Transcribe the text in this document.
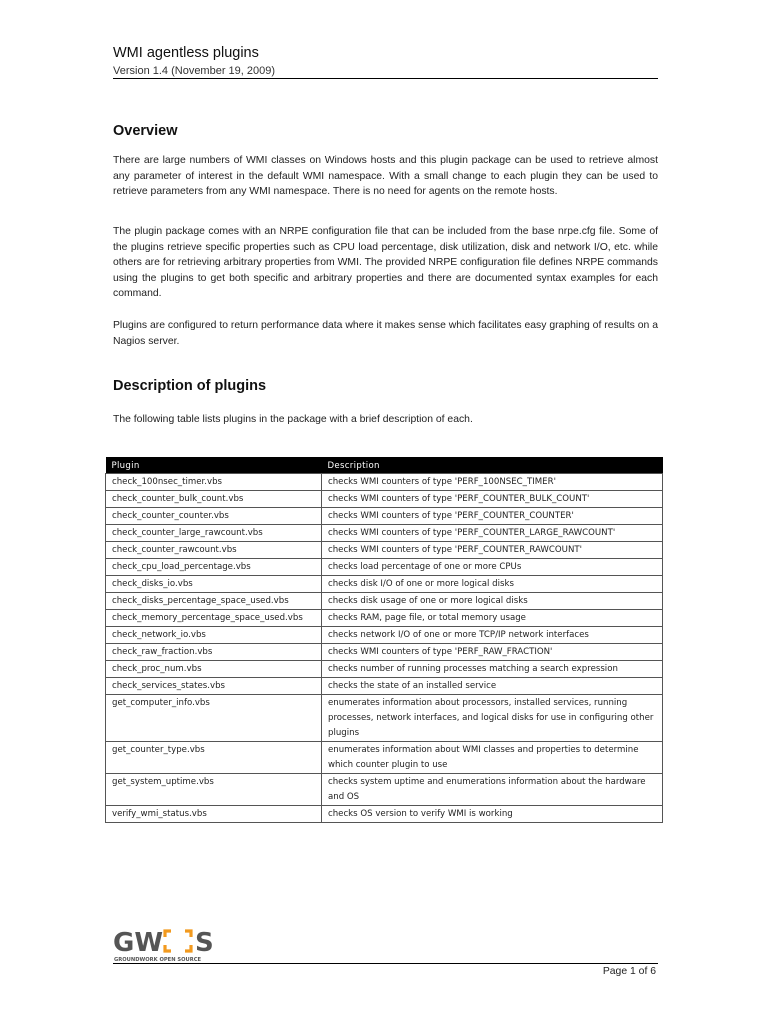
WMI agentless plugins
Version 1.4 (November 19, 2009)
Overview

There are large numbers of WMI classes on Windows hosts and this plugin package can be used to retrieve almost any parameter of interest in the default WMI namespace. With a small change to each plugin they can be used to retrieve parameters from any WMI namespace. There is no need for agents on the remote hosts.

The plugin package comes with an NRPE configuration file that can be included from the base nrpe.cfg file. Some of the plugins retrieve specific properties such as CPU load percentage, disk utilization, disk and network I/O, etc. while others are for retrieving arbitrary properties from WMI. The provided NRPE configuration file defines NRPE commands using the plugins to get both specific and arbitrary properties and there are documented syntax examples for each command.

Plugins are configured to return performance data where it makes sense which facilitates easy graphing of results on a Nagios server.

Description of plugins

The following table lists plugins in the package with a brief description of each.

Plugin	Description
check_100nsec_timer.vbs	checks WMI counters of type 'PERF_100NSEC_TIMER'
check_counter_bulk_count.vbs	checks WMI counters of type 'PERF_COUNTER_BULK_COUNT'
check_counter_counter.vbs	checks WMI counters of type 'PERF_COUNTER_COUNTER'
check_counter_large_rawcount.vbs	checks WMI counters of type 'PERF_COUNTER_LARGE_RAWCOUNT'
check_counter_rawcount.vbs	checks WMI counters of type 'PERF_COUNTER_RAWCOUNT'
check_cpu_load_percentage.vbs	checks load percentage of one or more CPUs
check_disks_io.vbs	checks disk I/O of one or more logical disks
check_disks_percentage_space_used.vbs	checks disk usage of one or more logical disks
check_memory_percentage_space_used.vbs	checks RAM, page file, or total memory usage
check_network_io.vbs	checks network I/O of one or more TCP/IP network interfaces
check_raw_fraction.vbs	checks WMI counters of type 'PERF_RAW_FRACTION'
check_proc_num.vbs	checks number of running processes matching a search expression
check_services_states.vbs	checks the state of an installed service
get_computer_info.vbs	enumerates information about processors, installed services, running processes, network interfaces, and logical disks for use in configuring other plugins
get_counter_type.vbs	enumerates information about WMI classes and properties to determine which counter plugin to use
get_system_uptime.vbs	checks system uptime and enumerations information about the hardware and OS
verify_wmi_status.vbs	checks OS version to verify WMI is working
GW S
GROUNDWORK OPEN SOURCE
Page 1 of 6
